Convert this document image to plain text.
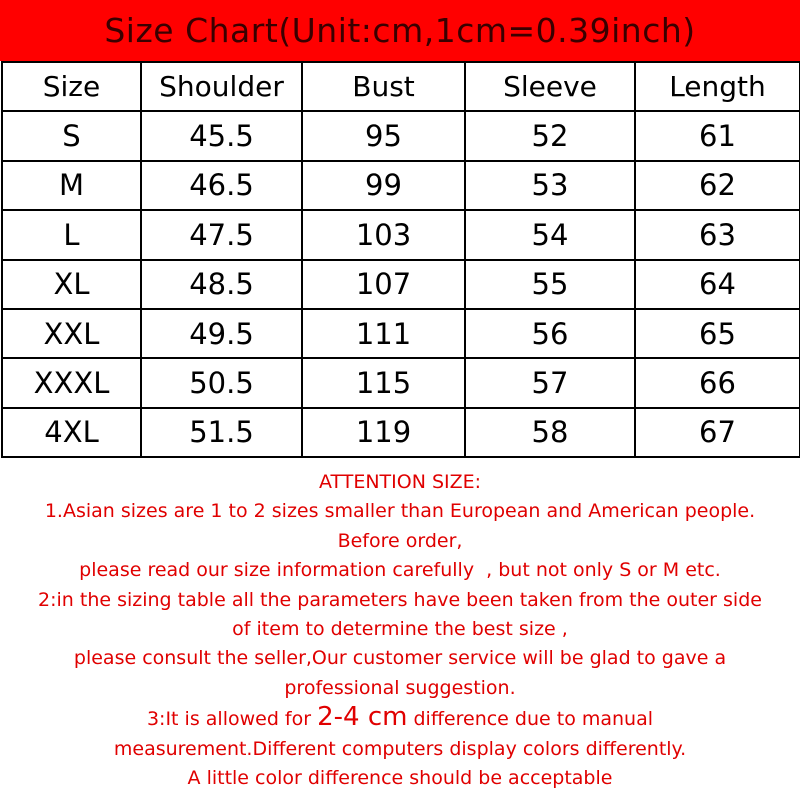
Size Chart(Unit:cm,1cm=0.39inch)
Size	Shoulder	Bust	Sleeve	Length
S	45.5	95	52	61
M	46.5	99	53	62
L	47.5	103	54	63
XL	48.5	107	55	64
XXL	49.5	111	56	65
XXXL	50.5	115	57	66
4XL	51.5	119	58	67

ATTENTION SIZE:

1.Asian sizes are 1 to 2 sizes smaller than European and American people.

Before order,

please read our size information carefully  , but not only S or M etc.

2:in the sizing table all the parameters have been taken from the outer side

of item to determine the best size ,

please consult the seller,Our customer service will be glad to gave a

professional suggestion.

3:It is allowed for 2-4 cm difference due to manual

measurement.Different computers display colors differently.

A little color difference should be acceptable
